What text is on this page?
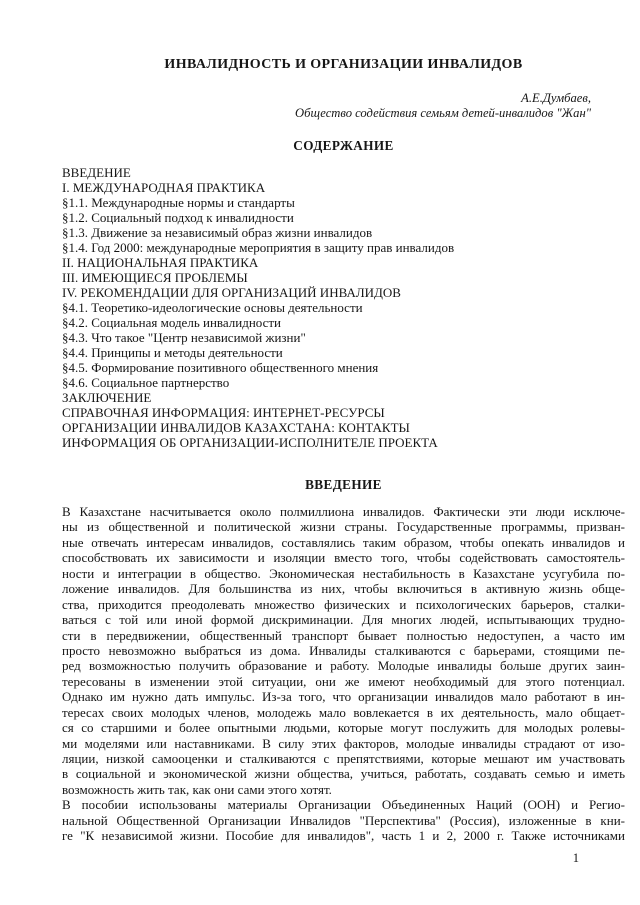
ИНВАЛИДНОСТЬ И ОРГАНИЗАЦИИ ИНВАЛИДОВ
А.Е.Думбаев,
Общество содействия семьям детей-инвалидов "Жан"
СОДЕРЖАНИЕ
ВВЕДЕНИЕ
I. МЕЖДУНАРОДНАЯ ПРАКТИКА
§1.1. Международные нормы и стандарты
§1.2. Социальный подход к инвалидности
§1.3. Движение за независимый образ жизни инвалидов
§1.4. Год 2000: международные мероприятия в защиту прав инвалидов
II. НАЦИОНАЛЬНАЯ ПРАКТИКА
III. ИМЕЮЩИЕСЯ ПРОБЛЕМЫ
IV. РЕКОМЕНДАЦИИ ДЛЯ ОРГАНИЗАЦИЙ ИНВАЛИДОВ
§4.1. Теоретико-идеологические основы деятельности
§4.2. Социальная модель инвалидности
§4.3. Что такое "Центр независимой жизни"
§4.4. Принципы и методы деятельности
§4.5. Формирование позитивного общественного мнения
§4.6. Социальное партнерство
ЗАКЛЮЧЕНИЕ
СПРАВОЧНАЯ ИНФОРМАЦИЯ: ИНТЕРНЕТ-РЕСУРСЫ
ОРГАНИЗАЦИИ ИНВАЛИДОВ КАЗАХСТАНА: КОНТАКТЫ
ИНФОРМАЦИЯ ОБ ОРГАНИЗАЦИИ-ИСПОЛНИТЕЛЕ ПРОЕКТА
ВВЕДЕНИЕ
В Казахстане насчитывается около полмиллиона инвалидов. Фактически эти люди исключе-
ны из общественной и политической жизни страны. Государственные программы, призван-
ные отвечать интересам инвалидов, составлялись таким образом, чтобы опекать инвалидов и
способствовать их зависимости и изоляции вместо того, чтобы содействовать самостоятель-
ности и интеграции в общество. Экономическая нестабильность в Казахстане усугубила по-
ложение инвалидов. Для большинства из них, чтобы включиться в активную жизнь обще-
ства, приходится преодолевать множество физических и психологических барьеров, сталки-
ваться с той или иной формой дискриминации. Для многих людей, испытывающих трудно-
сти в передвижении, общественный транспорт бывает полностью недоступен, а часто им
просто невозможно выбраться из дома. Инвалиды сталкиваются с барьерами, стоящими пе-
ред возможностью получить образование и работу. Молодые инвалиды больше других заин-
тересованы в изменении этой ситуации, они же имеют необходимый для этого потенциал.
Однако им нужно дать импульс. Из-за того, что организации инвалидов мало работают в ин-
тересах своих молодых членов, молодежь мало вовлекается в их деятельность, мало общает-
ся со старшими и более опытными людьми, которые могут послужить для молодых ролевы-
ми моделями или наставниками. В силу этих факторов, молодые инвалиды страдают от изо-
ляции, низкой самооценки и сталкиваются с препятствиями, которые мешают им участвовать
в социальной и экономической жизни общества, учиться, работать, создавать семью и иметь
возможность жить так, как они сами этого хотят.
В пособии использованы материалы Организации Объединенных Наций (ООН) и Регио-
нальной Общественной Организации Инвалидов "Перспектива" (Россия), изложенные в кни-
ге "К независимой жизни. Пособие для инвалидов", часть 1 и 2, 2000 г. Также источниками
1
